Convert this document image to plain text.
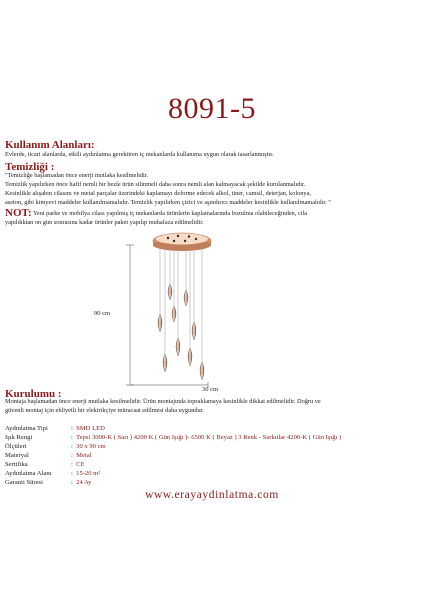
8091-5
Kullanım Alanları:
Evlerde, ticari alanlarda, etkili aydınlatma gerektiren iç mekanlarda kullanıma uygun olarak tasarlanmıştır.
Temizliği :
"Temizliğe başlamadan önce enerji mutlaka kesilmelidir.
Temizlik yapılırken önce hafif nemli bir bezle ürün silinmeli daha sonra nemli alan kalmayacak şekilde kurulanmalıdır.
Kesinlikle alışabın cilasını ve metal parçalar üzerindeki kaplamayı deforme edecek alkol, tiner, camsil, deterjan, kolonya,
aseton, gibi kimyevi maddeler kullanılmamalıdır. Temizlik yapılırken çizici ve aşındırıcı maddeler kesinlikle kullanılmamalıdır. "
NOT: Yeni parke ve mobilya cilası yapılmış iç mekanlarda ürünlerin kaplamalarında bozulma olabileceğinden, cila
yapıldıktan on gün sonrasına kadar ürünler paket yapılıp muhafaza edilmelidir.
90 cm
30 cm
Kurulumu :
Montaja başlamadan önce enerji mutlaka kesilmelidir. Ürün montajında topraklamaya kesinlikle dikkat edilmelidir. Doğru ve
güvenli montaj için ehliyetli bir elektrikçiye müracaat edilmesi daha uygundur.
Aydınlatma Tipi	: SMD LED
Işık Rengi	: Tepsi 3000-K ( Sarı ) 4200 K ( Gün Işığı )- 6500 K ( Beyaz ) 3 Renk - Sarkıtlar 4200-K ( Gün Işığı )
Ölçüleri	: 30 x 90 cm
Materyal	: Metal
Sertifika	: CE
Aydınlatma Alanı	: 15-20 m²
Garanti Süresi	: 24 Ay
www.erayaydinlatma.com
